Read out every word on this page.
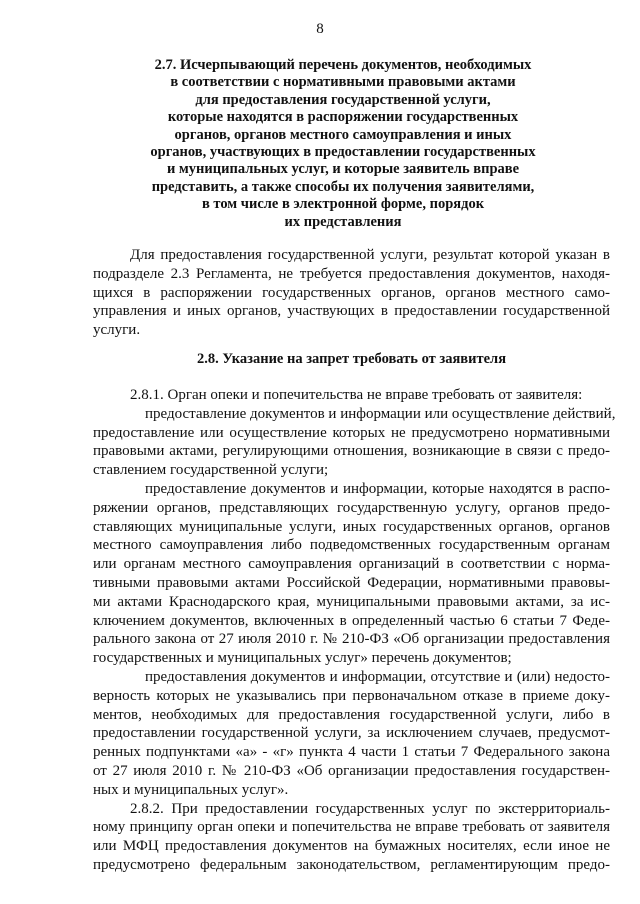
8
2.7. Исчерпывающий перечень документов, необходимых
в соответствии с нормативными правовыми актами
для предоставления государственной услуги,
которые находятся в распоряжении государственных
органов, органов местного самоуправления и иных
органов, участвующих в предоставлении государственных
и муниципальных услуг, и которые заявитель вправе
представить, а также способы их получения заявителями,
в том числе в электронной форме, порядок
их представления
Для предоставления государственной услуги, результат которой указан в
подразделе 2.3 Регламента, не требуется предоставления документов, находя-
щихся в распоряжении государственных органов, органов местного само-
управления и иных органов, участвующих в предоставлении государственной
услуги.
2.8. Указание на запрет требовать от заявителя
2.8.1. Орган опеки и попечительства не вправе требовать от заявителя:
предоставление документов и информации или осуществление действий,
предоставление или осуществление которых не предусмотрено нормативными
правовыми актами, регулирующими отношения, возникающие в связи с предо-
ставлением государственной услуги;
предоставление документов и информации, которые находятся в распо-
ряжении органов, представляющих государственную услугу, органов предо-
ставляющих муниципальные услуги, иных государственных органов, органов
местного самоуправления либо подведомственных государственным органам
или органам местного самоуправления организаций в соответствии с норма-
тивными правовыми актами Российской Федерации, нормативными правовы-
ми актами Краснодарского края, муниципальными правовыми актами, за ис-
ключением документов, включенных в определенный частью 6 статьи 7 Феде-
рального закона от 27 июля 2010 г. № 210-ФЗ «Об организации предоставления
государственных и муниципальных услуг» перечень документов;
предоставления документов и информации, отсутствие и (или) недосто-
верность которых не указывались при первоначальном отказе в приеме доку-
ментов, необходимых для предоставления государственной услуги, либо в
предоставлении государственной услуги, за исключением случаев, предусмот-
ренных подпунктами «а» - «г» пункта 4 части 1 статьи 7 Федерального закона
от 27 июля 2010 г. № 210-ФЗ «Об организации предоставления государствен-
ных и муниципальных услуг».
2.8.2. При предоставлении государственных услуг по экстерриториаль-
ному принципу орган опеки и попечительства не вправе требовать от заявителя
или МФЦ предоставления документов на бумажных носителях, если иное не
предусмотрено федеральным законодательством, регламентирующим предо-
